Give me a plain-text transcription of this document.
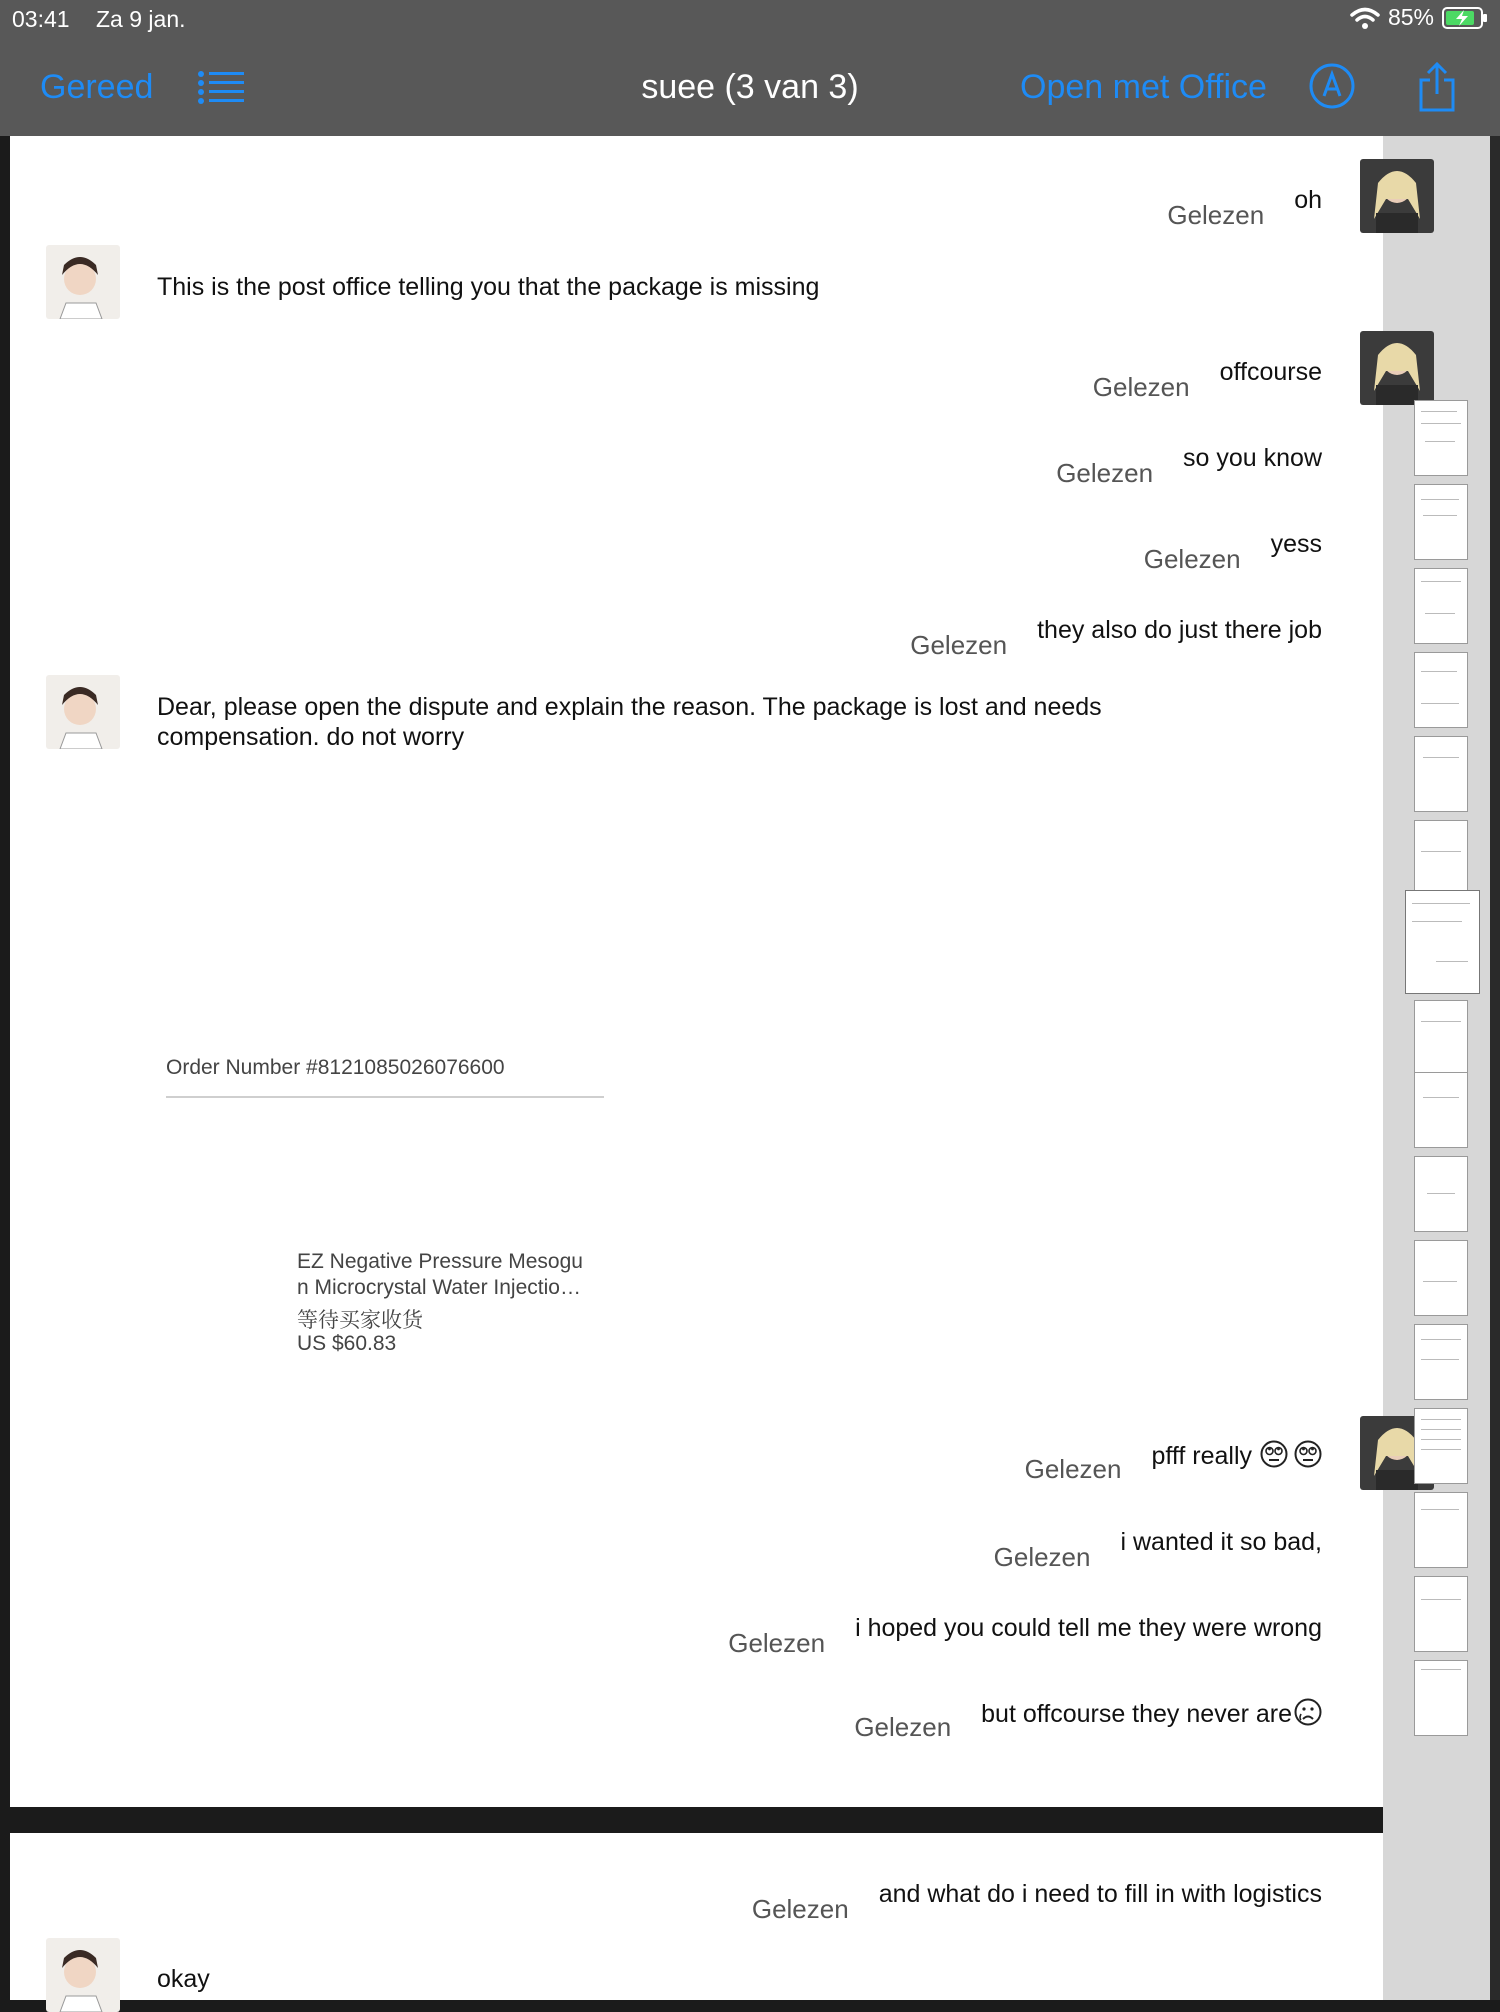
03:41 Za 9 jan.	85%
Gereed	suee (3 van 3)	Open met Office
Gelezen oh
Gelezen offcourse
Gelezen so you know
Gelezen yess
Gelezen they also do just there job
Gelezen pfff really
Gelezen i wanted it so bad,
Gelezen i hoped you could tell me they were wrong
Gelezen but offcourse they never are
Gelezen and what do i need to fill in with logistics
This is the post office telling you that the package is missing
Dear, please open the dispute and explain the reason. The package is lost and needs compensation. do not worry
okay
Order Number #8121085026076600
EZ Negative Pressure Mesogu
n Microcrystal Water Injectio…
等待买家收货
US $60.83
